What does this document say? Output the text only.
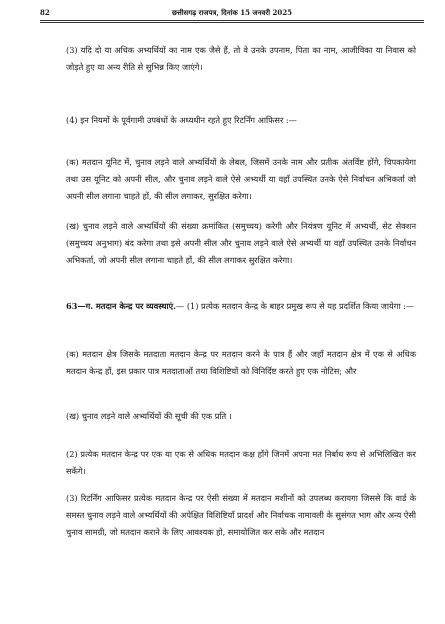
82	छत्तीसगढ़ राजपत्र, दिनांक 15 जनवरी 2025
(3) यदि दो या अधिक अभ्यर्थियों का नाम एक जैसे हैं, तो वे उनके उपनाम, पिता का नाम, आजीविका या निवास को जोड़ते हुए या अन्य रीति से सुभिन्न किए जाएंगे।
(4) इन नियमों के पूर्वगामी उपबंधों के अध्यधीन रहते हुए रिटर्निंग आफिसर :—
(क) मतदान यूनिट में, चुनाव लड़ने वाले अभ्यर्थियों के लेबल, जिसमें उनके नाम और प्रतीक अंतर्विष्ट होंगे, चिपकायेगा तथा उस यूनिट को अपनी सील, और चुनाव लड़ने वाले ऐसे अभ्यर्थी या वहाँ उपस्थित उनके ऐसे निर्वाचन अभिकर्ता जो अपनी सील लगाना चाहते हों, की सील लगाकर, सुरक्षित करेगा।
(ख) चुनाव लड़ने वाले अभ्यर्थियों की संख्या क्रमांकित (समुच्चय) करेगी और नियंत्रण यूनिट में अभ्यर्थी, सेट सेक्शन (समुच्चय अनुभाग) बंद करेगा तथा इसे अपनी सील और चुनाव लड़ने वाले ऐसे अभ्यर्थी या वहाँ उपस्थित उनके निर्वाचन अभिकर्ता, जो अपनी सील लगाना चाहते हों, की सील लगाकर सुरक्षित करेगा।
63—ग. मतदान केन्द्र पर व्यवस्थाएं.— (1) प्रत्येक मतदान केन्द्र के बाहर प्रमुख रूप से यह प्रदर्शित किया जायेगा :—
(क) मतदान क्षेत्र जिसके मतदाता मतदान केन्द्र पर मतदान करने के पात्र हैं और जहाँ मतदान क्षेत्र में एक से अधिक मतदान केन्द्र हों, इस प्रकार पात्र मतदाताओं तथा विशिष्टियों को विनिर्दिष्ट करते हुए एक नोटिस; और
(ख) चुनाव लड़ने वाले अभ्यर्थियों की सूची की एक प्रति ।
(2) प्रत्येक मतदान केन्द्र पर एक या एक से अधिक मतदान कक्ष होंगे जिनमें अपना मत निर्बाध रूप से अभिलिखित कर सकेंगे।
(3) रिटर्निंग आफिसर प्रत्येक मतदान केन्द्र पर ऐसी संख्या में मतदान मशीनों को उपलब्ध करायगा जिससे कि वार्ड के समस्त चुनाव लड़ने वाले अभ्यर्थियों की अपेक्षित विशिष्टियाँ प्रादर्श और निर्वाचक नामावली के सुसंगत भाग और अन्य ऐसी चुनाव सामग्री, जो मतदान कराने के लिए आवश्यक हो, समायोजित कर सके और मतदान
